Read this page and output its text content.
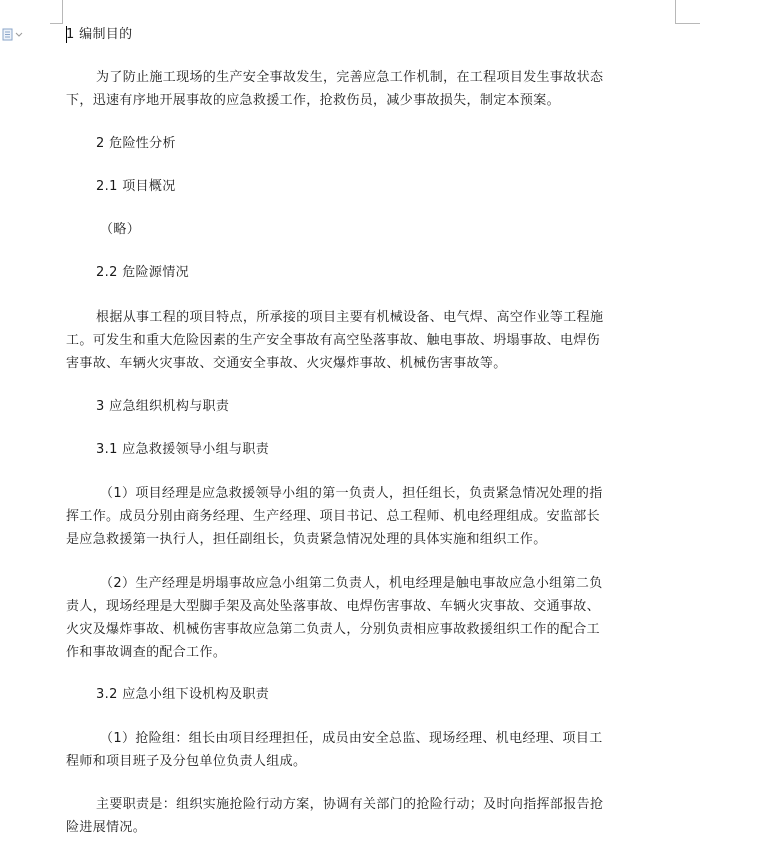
1 编制目的
为了防止施工现场的生产安全事故发生，完善应急工作机制，在工程项目发生事故状态
下，迅速有序地开展事故的应急救援工作，抢救伤员，减少事故损失，制定本预案。
2 危险性分析
2.1 项目概况
（略）
2.2 危险源情况
根据从事工程的项目特点，所承接的项目主要有机械设备、电气焊、高空作业等工程施
工。可发生和重大危险因素的生产安全事故有高空坠落事故、触电事故、坍塌事故、电焊伤
害事故、车辆火灾事故、交通安全事故、火灾爆炸事故、机械伤害事故等。
3 应急组织机构与职责
3.1 应急救援领导小组与职责
（1）项目经理是应急救援领导小组的第一负责人，担任组长，负责紧急情况处理的指
挥工作。成员分别由商务经理、生产经理、项目书记、总工程师、机电经理组成。安监部长
是应急救援第一执行人，担任副组长，负责紧急情况处理的具体实施和组织工作。
（2）生产经理是坍塌事故应急小组第二负责人，机电经理是触电事故应急小组第二负
责人，现场经理是大型脚手架及高处坠落事故、电焊伤害事故、车辆火灾事故、交通事故、
火灾及爆炸事故、机械伤害事故应急第二负责人，分别负责相应事故救援组织工作的配合工
作和事故调查的配合工作。
3.2 应急小组下设机构及职责
（1）抢险组：组长由项目经理担任，成员由安全总监、现场经理、机电经理、项目工
程师和项目班子及分包单位负责人组成。
主要职责是：组织实施抢险行动方案，协调有关部门的抢险行动；及时向指挥部报告抢
险进展情况。
